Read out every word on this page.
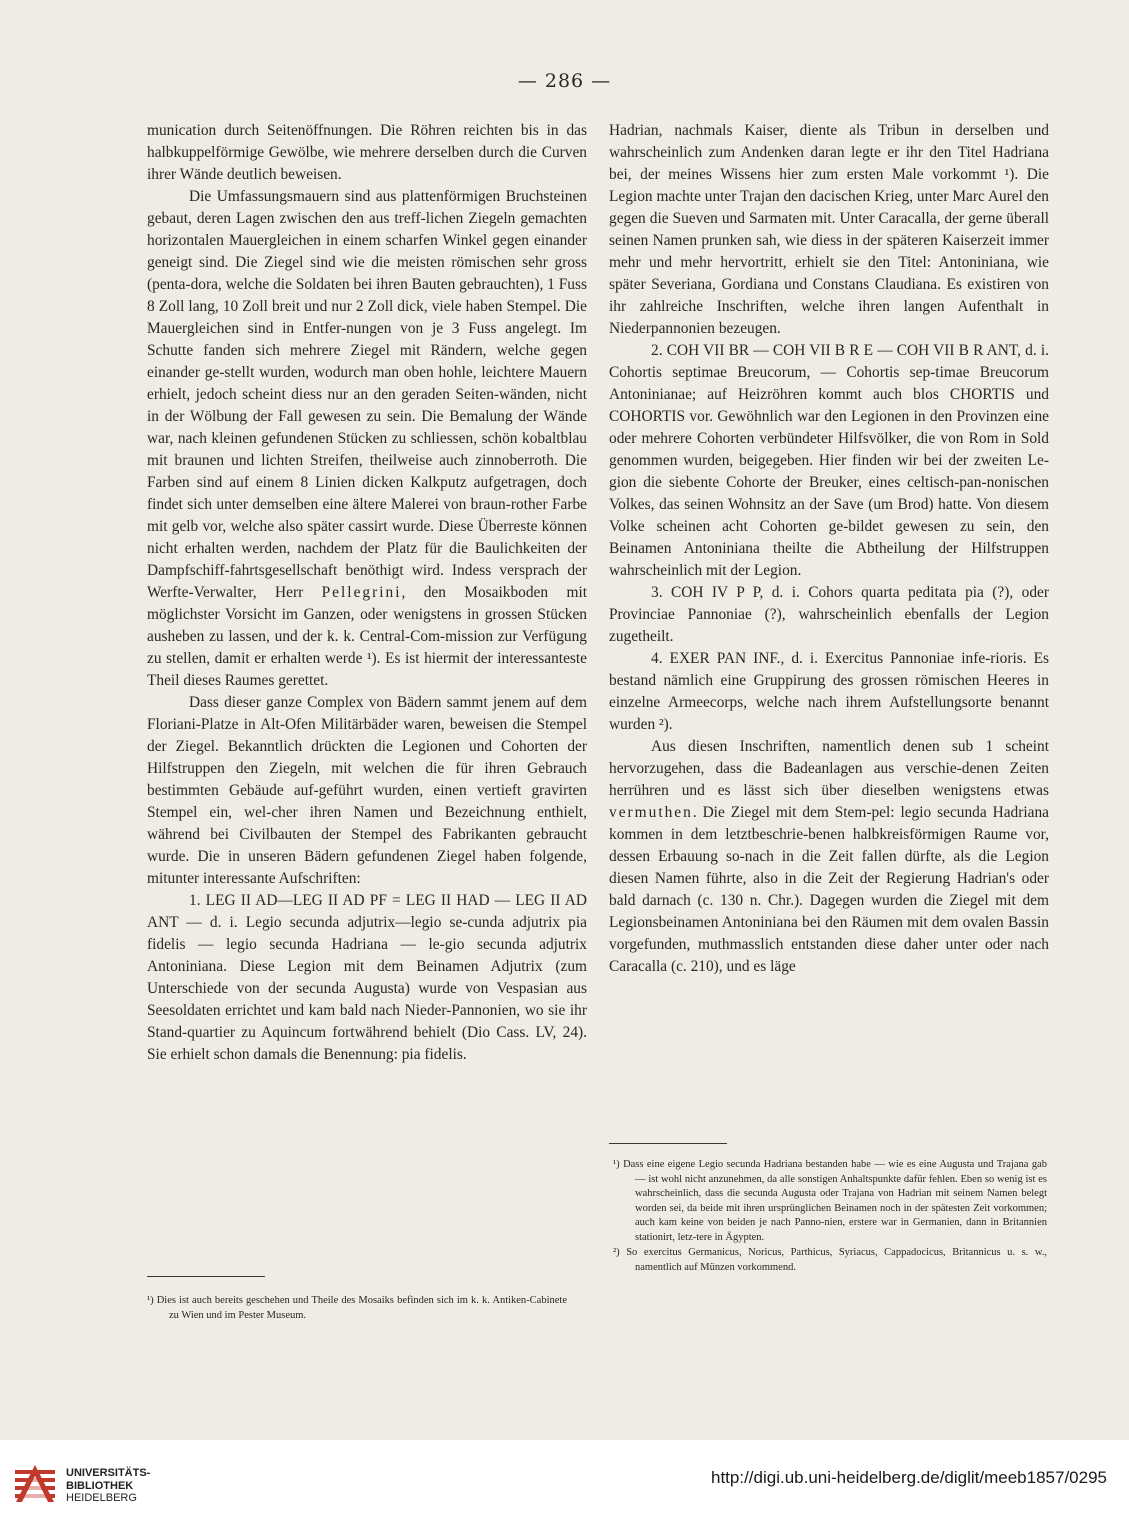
— 286 —

munication durch Seitenöffnungen. Die Röhren reichten bis in das halbkuppelförmige Gewölbe, wie mehrere derselben durch die Curven ihrer Wände deutlich beweisen.

Die Umfassungsmauern sind aus plattenförmigen Bruchsteinen gebaut, deren Lagen zwischen den aus treff-lichen Ziegeln gemachten horizontalen Mauergleichen in einem scharfen Winkel gegen einander geneigt sind. Die Ziegel sind wie die meisten römischen sehr gross (penta-dora, welche die Soldaten bei ihren Bauten gebrauchten), 1 Fuss 8 Zoll lang, 10 Zoll breit und nur 2 Zoll dick, viele haben Stempel. Die Mauergleichen sind in Entfer-nungen von je 3 Fuss angelegt. Im Schutte fanden sich mehrere Ziegel mit Rändern, welche gegen einander ge-stellt wurden, wodurch man oben hohle, leichtere Mauern erhielt, jedoch scheint diess nur an den geraden Seiten-wänden, nicht in der Wölbung der Fall gewesen zu sein. Die Bemalung der Wände war, nach kleinen gefundenen Stücken zu schliessen, schön kobaltblau mit braunen und lichten Streifen, theilweise auch zinnoberroth. Die Farben sind auf einem 8 Linien dicken Kalkputz aufgetragen, doch findet sich unter demselben eine ältere Malerei von braun-rother Farbe mit gelb vor, welche also später cassirt wurde. Diese Überreste können nicht erhalten werden, nachdem der Platz für die Baulichkeiten der Dampfschiff-fahrtsgesellschaft benöthigt wird. Indess versprach der Werfte-Verwalter, Herr Pellegrini, den Mosaikboden mit möglichster Vorsicht im Ganzen, oder wenigstens in grossen Stücken ausheben zu lassen, und der k. k. Central-Com-mission zur Verfügung zu stellen, damit er erhalten werde ¹). Es ist hiermit der interessanteste Theil dieses Raumes gerettet.

Dass dieser ganze Complex von Bädern sammt jenem auf dem Floriani-Platze in Alt-Ofen Militärbäder waren, beweisen die Stempel der Ziegel. Bekanntlich drückten die Legionen und Cohorten der Hilfstruppen den Ziegeln, mit welchen die für ihren Gebrauch bestimmten Gebäude auf-geführt wurden, einen vertieft gravirten Stempel ein, wel-cher ihren Namen und Bezeichnung enthielt, während bei Civilbauten der Stempel des Fabrikanten gebraucht wurde. Die in unseren Bädern gefundenen Ziegel haben folgende, mitunter interessante Aufschriften:

1. LEG II AD—LEG II AD PF = LEG II HAD — LEG II AD ANT — d. i. Legio secunda adjutrix—legio se-cunda adjutrix pia fidelis — legio secunda Hadriana — le-gio secunda adjutrix Antoniniana. Diese Legion mit dem Beinamen Adjutrix (zum Unterschiede von der secunda Augusta) wurde von Vespasian aus Seesoldaten errichtet und kam bald nach Nieder-Pannonien, wo sie ihr Stand-quartier zu Aquincum fortwährend behielt (Dio Cass. LV, 24). Sie erhielt schon damals die Benennung: pia fidelis.

¹) Dies ist auch bereits geschehen und Theile des Mosaiks befinden sich im k. k. Antiken-Cabinete zu Wien und im Pester Museum.

Hadrian, nachmals Kaiser, diente als Tribun in derselben und wahrscheinlich zum Andenken daran legte er ihr den Titel Hadriana bei, der meines Wissens hier zum ersten Male vorkommt ¹). Die Legion machte unter Trajan den dacischen Krieg, unter Marc Aurel den gegen die Sueven und Sarmaten mit. Unter Caracalla, der gerne überall seinen Namen prunken sah, wie diess in der späteren Kaiserzeit immer mehr und mehr hervortritt, erhielt sie den Titel: Antoniniana, wie später Severiana, Gordiana und Constans Claudiana. Es existiren von ihr zahlreiche Inschriften, welche ihren langen Aufenthalt in Niederpannonien bezeugen.

2. COH VII BR — COH VII B R E — COH VII B R ANT, d. i. Cohortis septimae Breucorum, — Cohortis sep-timae Breucorum Antoninianae; auf Heizröhren kommt auch blos CHORTIS und COHORTIS vor. Gewöhnlich war den Legionen in den Provinzen eine oder mehrere Cohorten verbündeter Hilfsvölker, die von Rom in Sold genommen wurden, beigegeben. Hier finden wir bei der zweiten Le-gion die siebente Cohorte der Breuker, eines celtisch-pan-nonischen Volkes, das seinen Wohnsitz an der Save (um Brod) hatte. Von diesem Volke scheinen acht Cohorten ge-bildet gewesen zu sein, den Beinamen Antoniniana theilte die Abtheilung der Hilfstruppen wahrscheinlich mit der Legion.

3. COH IV P P, d. i. Cohors quarta peditata pia (?), oder Provinciae Pannoniae (?), wahrscheinlich ebenfalls der Legion zugetheilt.

4. EXER PAN INF., d. i. Exercitus Pannoniae infe-rioris. Es bestand nämlich eine Gruppirung des grossen römischen Heeres in einzelne Armeecorps, welche nach ihrem Aufstellungsorte benannt wurden ²).

Aus diesen Inschriften, namentlich denen sub 1 scheint hervorzugehen, dass die Badeanlagen aus verschie-denen Zeiten herrühren und es lässt sich über dieselben wenigstens etwas vermuthen. Die Ziegel mit dem Stem-pel: legio secunda Hadriana kommen in dem letztbeschrie-benen halbkreisförmigen Raume vor, dessen Erbauung so-nach in die Zeit fallen dürfte, als die Legion diesen Namen führte, also in die Zeit der Regierung Hadrian's oder bald darnach (c. 130 n. Chr.). Dagegen wurden die Ziegel mit dem Legionsbeinamen Antoniniana bei den Räumen mit dem ovalen Bassin vorgefunden, muthmasslich entstanden diese daher unter oder nach Caracalla (c. 210), und es läge

¹) Dass eine eigene Legio secunda Hadriana bestanden habe — wie es eine Augusta und Trajana gab — ist wohl nicht anzunehmen, da alle sonstigen Anhaltspunkte dafür fehlen. Eben so wenig ist es wahrscheinlich, dass die secunda Augusta oder Trajana von Hadrian mit seinem Namen belegt worden sei, da beide mit ihren ursprünglichen Beinamen noch in der spätesten Zeit vorkommen; auch kam keine von beiden je nach Panno-nien, erstere war in Germanien, dann in Britannien stationirt, letz-tere in Ägypten.

²) So exercitus Germanicus, Noricus, Parthicus, Syriacus, Cappadocicus, Britannicus u. s. w., namentlich auf Münzen vorkommend.

UNIVERSITÄTS-
BIBLIOTHEK
HEIDELBERG
http://digi.ub.uni-heidelberg.de/diglit/meeb1857/0295
